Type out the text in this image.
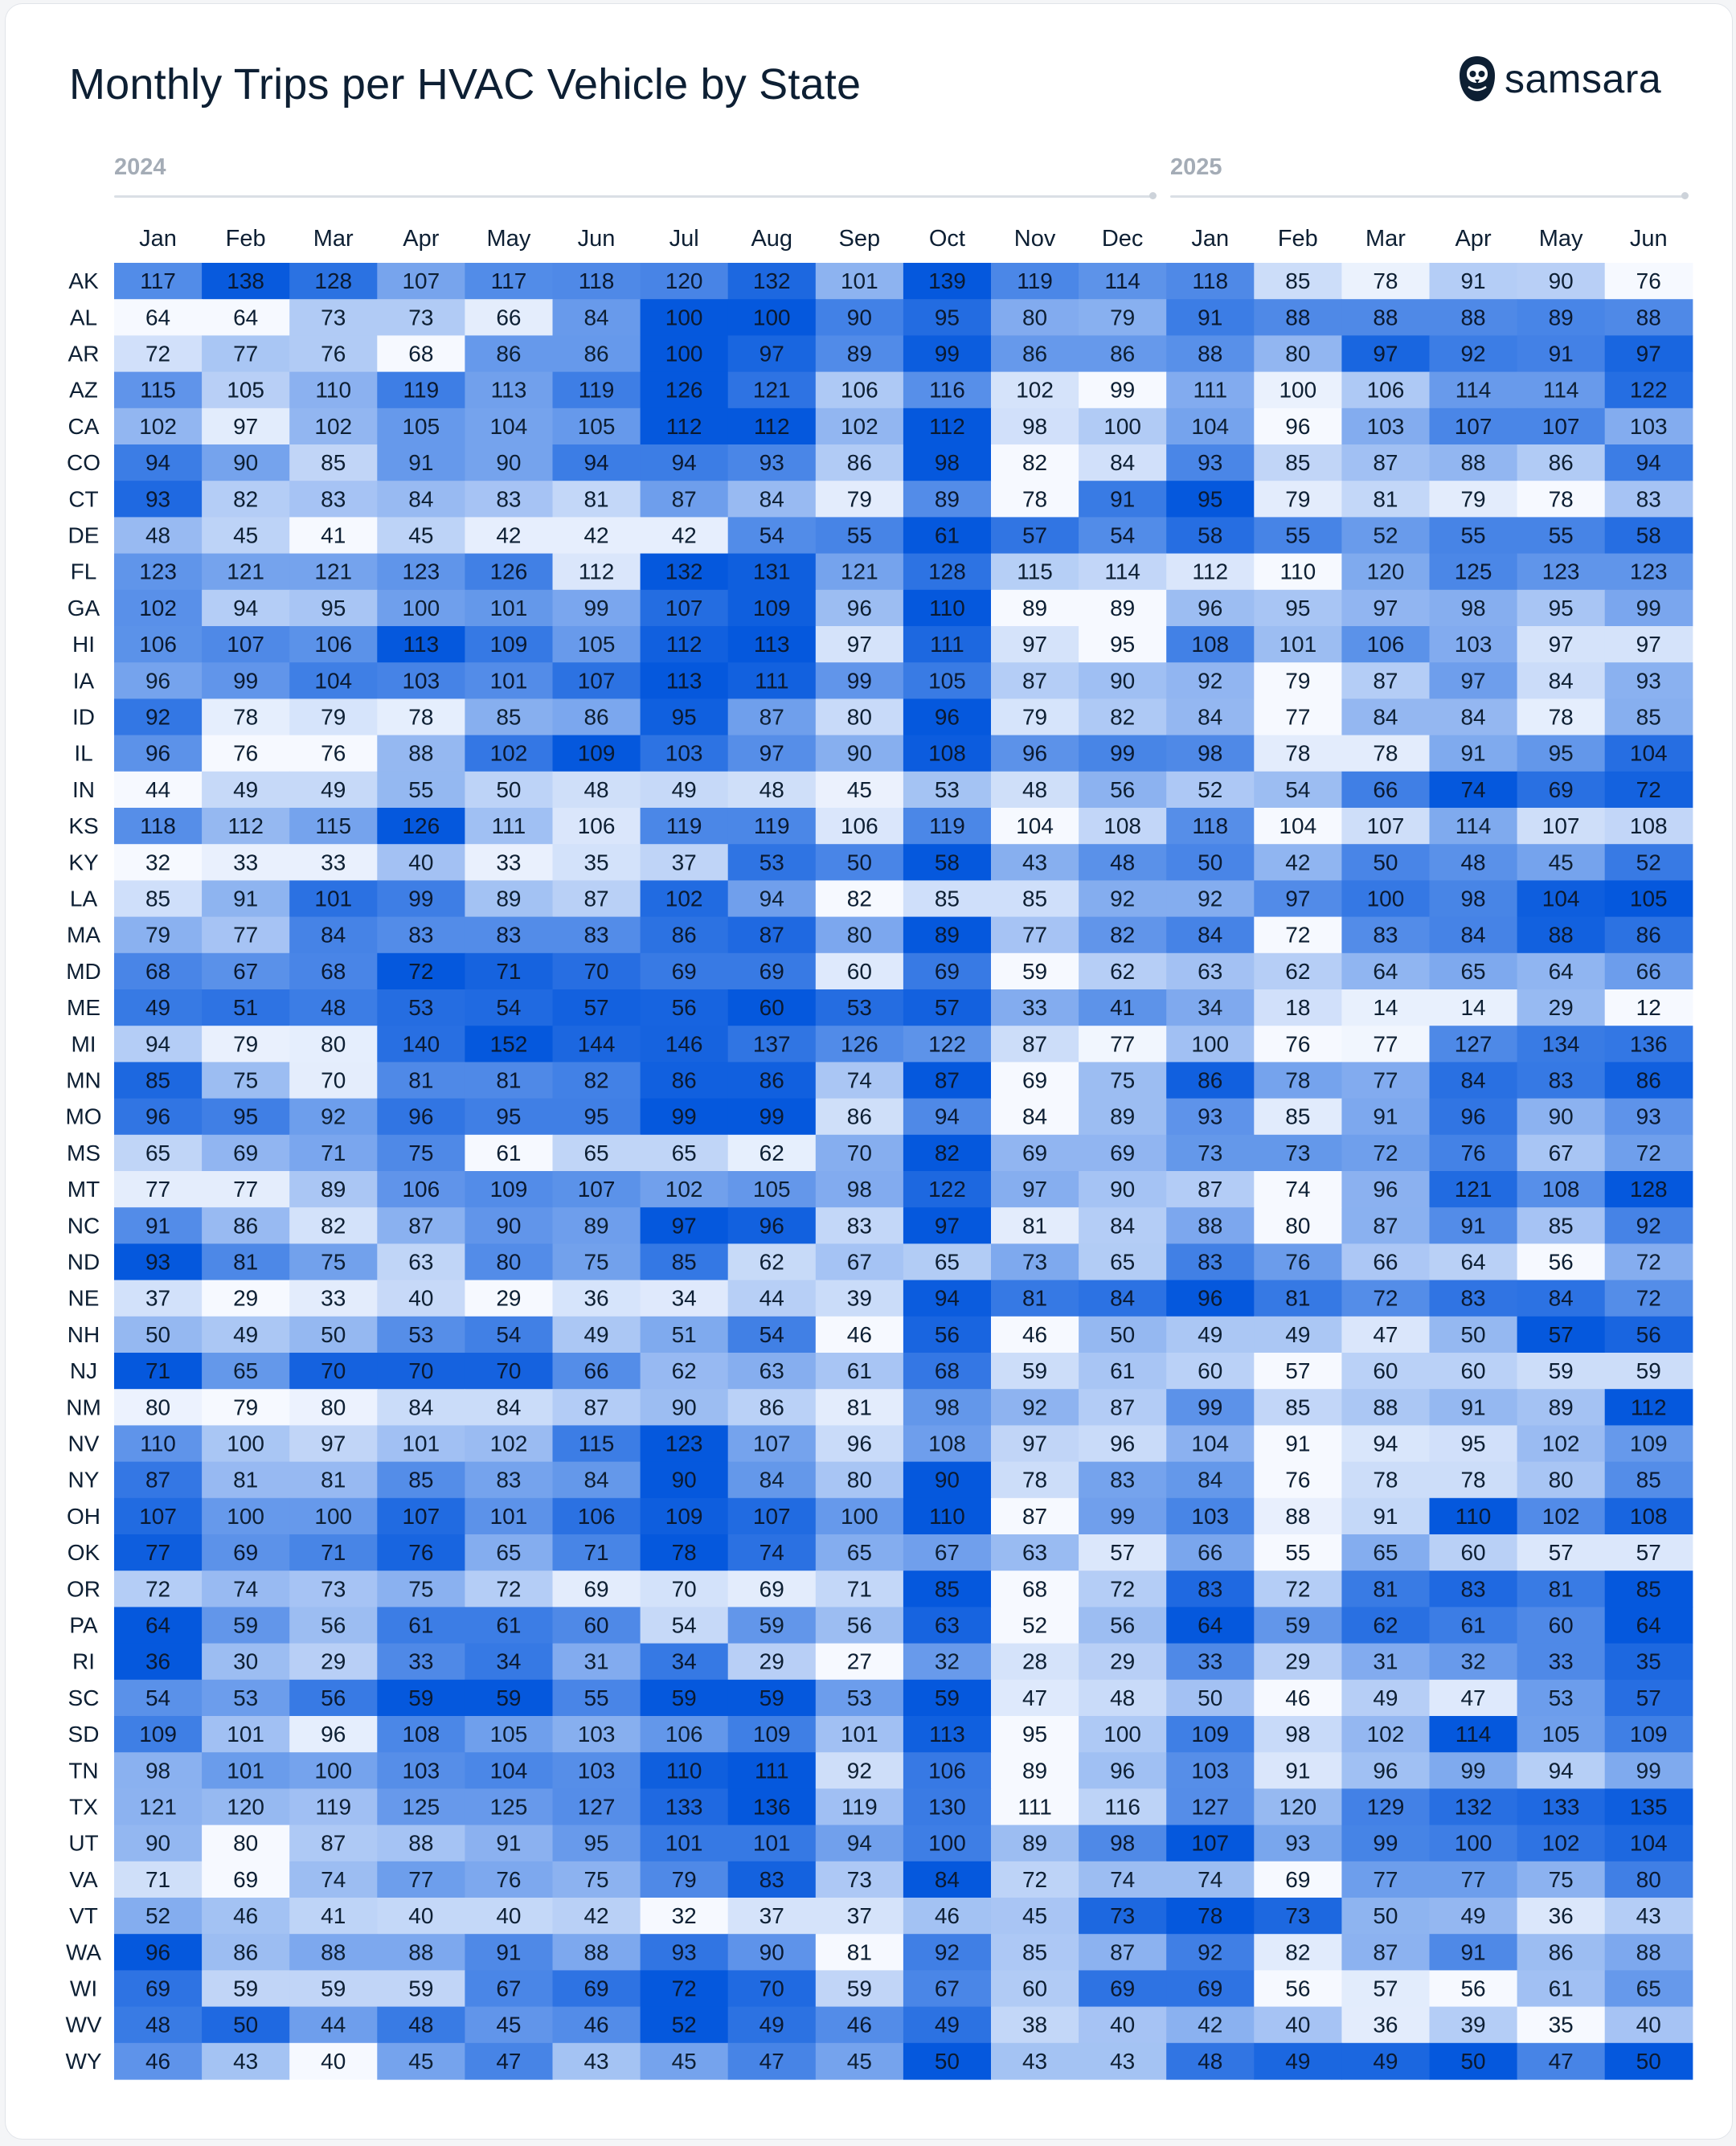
Monthly Trips per HVAC Vehicle by State	samsara
2024	2025
Jan Feb Mar Apr May Jun Jul Aug Sep Oct Nov Dec Jan Feb Mar Apr May Jun
AK 117 138 128 107 117 118 120 132 101 139 119 114 118	85	78	91	90	76
AL 64	64	73	73	66	84	100 100	90	95	80	79	91	88	88	88	89	88
AR 72	77	76	68	86	86	100	97	89	99	86	86	88	80	97	92	91	97
AZ 115 105 110 119 113 119 126 121 106 116 102	99	111 100 106 114 114 122
CA 102	97	102 105 104 105 112 112 102 112	98	100 104	96	103 107 107 103
CO 94	90	85	91	90	94	94	93	86	98	82	84	93	85	87	88	86	94
CT 93	82	83	84	83	81	87	84	79	89	78	91	95	79	81	79	78	83
DE 48	45	41	45	42	42	42	54	55	61	57	54	58	55	52	55	55	58
FL 123 121 121 123 126 112 132 131 121 128 115 114 112 110 120 125 123 123
GA 102	94	95	100 101	99	107 109	96	110	89	89	96	95	97	98	95	99
HI 106 107 106 113 109 105 112 113	97	111	97	95	108 101 106 103	97	97
IA 96	99	104 103 101 107 113 111	99	105	87	90	92	79	87	97	84	93
ID 92	78	79	78	85	86	95	87	80	96	79	82	84	77	84	84	78	85
IL 96	76	76	88	102 109 103	97	90	108	96	99	98	78	78	91	95	104
IN 44	49	49	55	50	48	49	48	45	53	48	56	52	54	66	74	69	72
KS 118 112 115 126 111 106 119 119 106 119 104 108 118 104 107 114 107 108
KY 32	33	33	40	33	35	37	53	50	58	43	48	50	42	50	48	45	52
LA 85	91	101	99	89	87	102	94	82	85	85	92	92	97	100	98	104 105
MA 79	77	84	83	83	83	86	87	80	89	77	82	84	72	83	84	88	86
MD 68	67	68	72	71	70	69	69	60	69	59	62	63	62	64	65	64	66
ME 49	51	48	53	54	57	56	60	53	57	33	41	34	18	14	14	29	12
MI 94	79	80	140 152 144 146 137 126 122	87	77	100	76	77	127 134 136
MN 85	75	70	81	81	82	86	86	74	87	69	75	86	78	77	84	83	86
MO 96	95	92	96	95	95	99	99	86	94	84	89	93	85	91	96	90	93
MS 65	69	71	75	61	65	65	62	70	82	69	69	73	73	72	76	67	72
MT 77	77	89	106 109 107 102 105	98	122	97	90	87	74	96	121 108 128
NC 91	86	82	87	90	89	97	96	83	97	81	84	88	80	87	91	85	92
ND 93	81	75	63	80	75	85	62	67	65	73	65	83	76	66	64	56	72
NE 37	29	33	40	29	36	34	44	39	94	81	84	96	81	72	83	84	72
NH 50	49	50	53	54	49	51	54	46	56	46	50	49	49	47	50	57	56
NJ 71	65	70	70	70	66	62	63	61	68	59	61	60	57	60	60	59	59
NM 80	79	80	84	84	87	90	86	81	98	92	87	99	85	88	91	89	112
NV 110 100	97	101 102 115 123 107	96	108	97	96	104	91	94	95	102 109
NY 87	81	81	85	83	84	90	84	80	90	78	83	84	76	78	78	80	85
OH 107 100 100 107 101 106 109 107 100 110	87	99	103	88	91	110 102 108
OK 77	69	71	76	65	71	78	74	65	67	63	57	66	55	65	60	57	57
OR 72	74	73	75	72	69	70	69	71	85	68	72	83	72	81	83	81	85
PA 64	59	56	61	61	60	54	59	56	63	52	56	64	59	62	61	60	64
RI 36	30	29	33	34	31	34	29	27	32	28	29	33	29	31	32	33	35
SC 54	53	56	59	59	55	59	59	53	59	47	48	50	46	49	47	53	57
SD 109 101	96	108 105 103 106 109 101 113	95	100 109	98	102 114 105 109
TN 98	101 100 103 104 103 110 111	92	106	89	96	103	91	96	99	94	99
TX 121 120 119 125 125 127 133 136 119 130 111 116 127 120 129 132 133 135
UT 90	80	87	88	91	95	101 101	94	100	89	98	107	93	99	100 102 104
VA 71	69	74	77	76	75	79	83	73	84	72	74	74	69	77	77	75	80
VT 52	46	41	40	40	42	32	37	37	46	45	73	78	73	50	49	36	43
WA 96	86	88	88	91	88	93	90	81	92	85	87	92	82	87	91	86	88
WI 69	59	59	59	67	69	72	70	59	67	60	69	69	56	57	56	61	65
WV 48	50	44	48	45	46	52	49	46	49	38	40	42	40	36	39	35	40
WY 46	43	40	45	47	43	45	47	45	50	43	43	48	49	49	50	47	50
